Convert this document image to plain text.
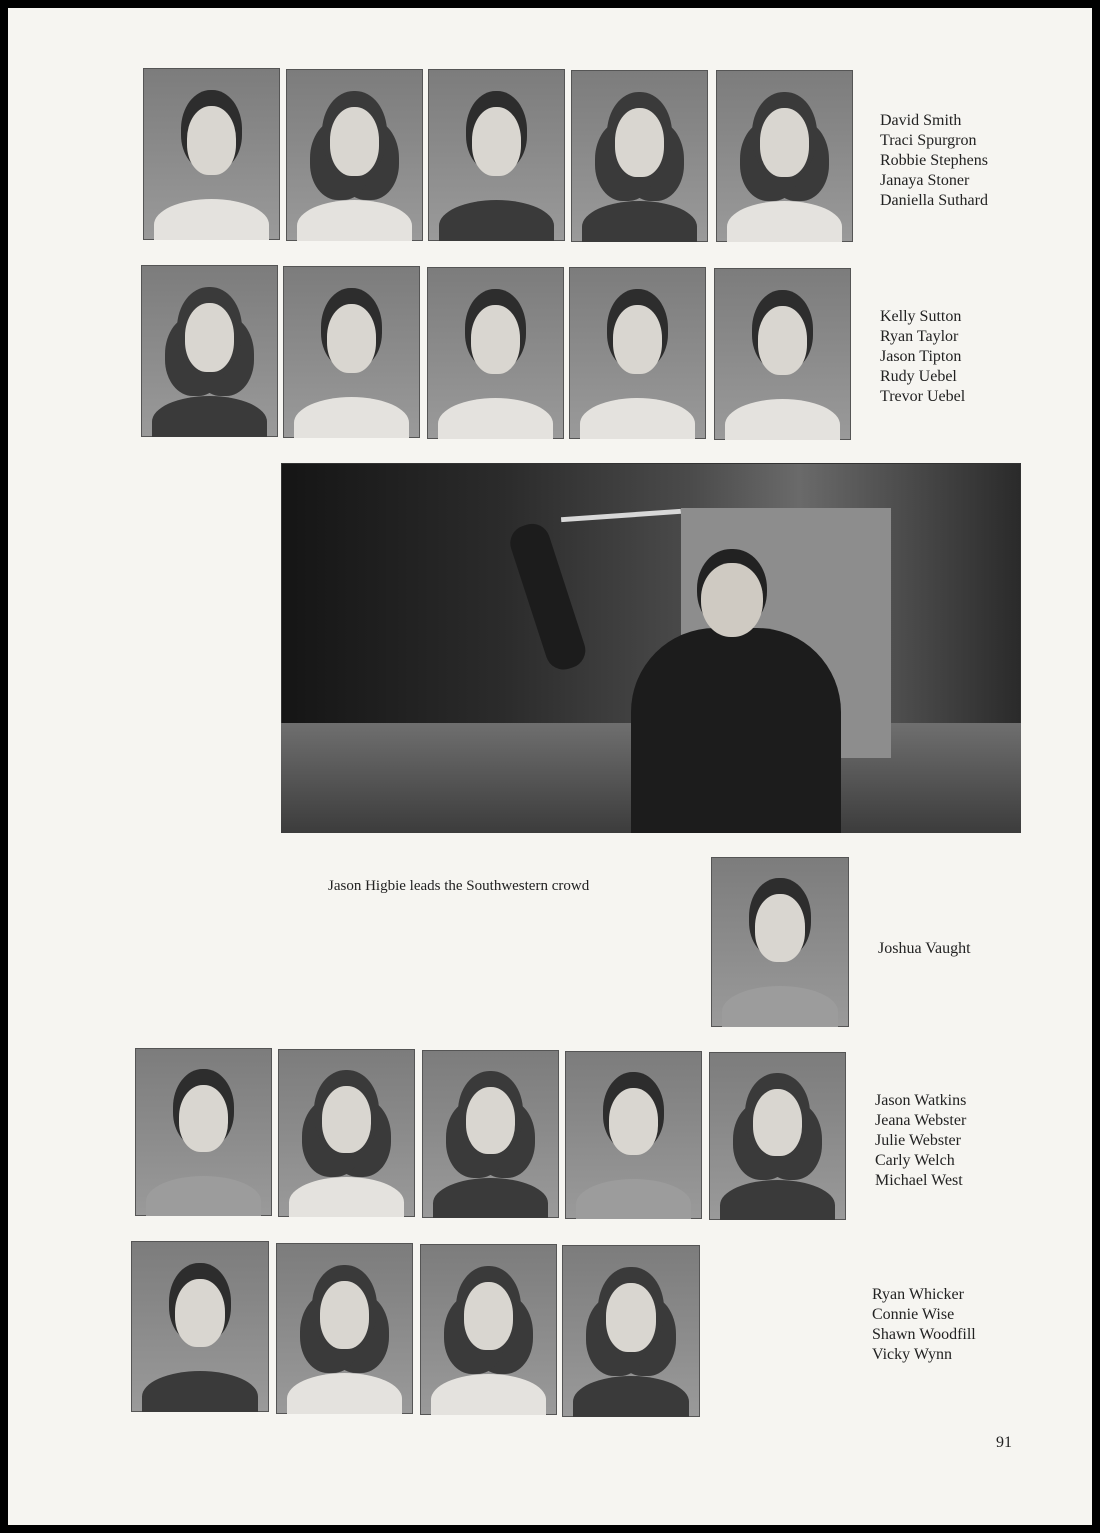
David Smith
Traci Spurgron
Robbie Stephens
Janaya Stoner
Daniella Suthard
Kelly Sutton
Ryan Taylor
Jason Tipton
Rudy Uebel
Trevor Uebel
Jason Higbie leads the Southwestern crowd
Joshua Vaught
Jason Watkins
Jeana Webster
Julie Webster
Carly Welch
Michael West
Ryan Whicker
Connie Wise
Shawn Woodfill
Vicky Wynn
91
